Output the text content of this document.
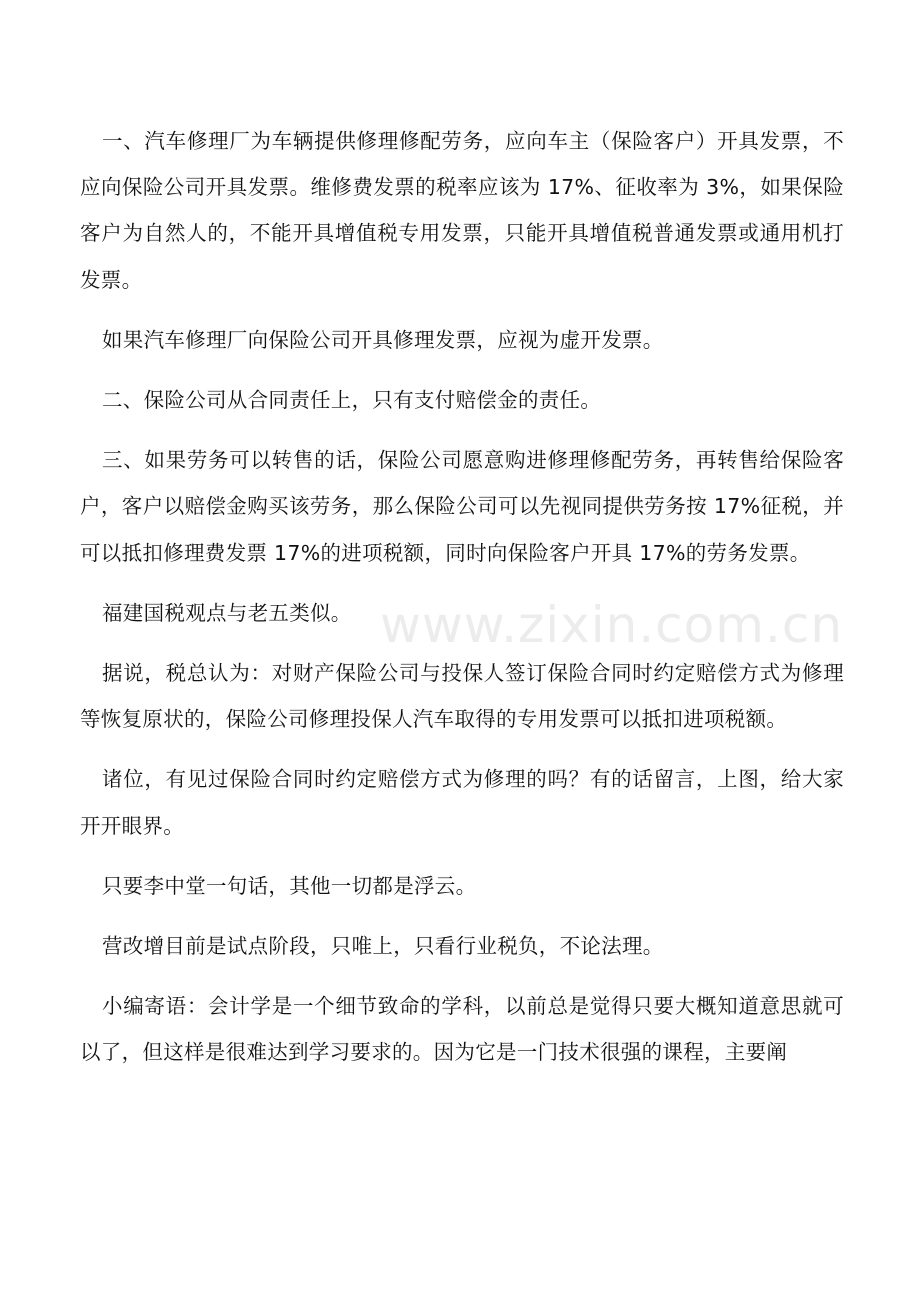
一、汽车修理厂为车辆提供修理修配劳务，应向车主（保险客户）开具发票，不应向保险公司开具发票。维修费发票的税率应该为 17%、征收率为 3%，如果保险客户为自然人的，不能开具增值税专用发票，只能开具增值税普通发票或通用机打发票。

如果汽车修理厂向保险公司开具修理发票，应视为虚开发票。

二、保险公司从合同责任上，只有支付赔偿金的责任。

三、如果劳务可以转售的话，保险公司愿意购进修理修配劳务，再转售给保险客户，客户以赔偿金购买该劳务，那么保险公司可以先视同提供劳务按 17%征税，并可以抵扣修理费发票 17%的进项税额，同时向保险客户开具 17%的劳务发票。

福建国税观点与老五类似。

据说，税总认为：对财产保险公司与投保人签订保险合同时约定赔偿方式为修理等恢复原状的，保险公司修理投保人汽车取得的专用发票可以抵扣进项税额。

诸位，有见过保险合同时约定赔偿方式为修理的吗？有的话留言，上图，给大家开开眼界。

只要李中堂一句话，其他一切都是浮云。

营改增目前是试点阶段，只唯上，只看行业税负，不论法理。

小编寄语：会计学是一个细节致命的学科，以前总是觉得只要大概知道意思就可以了，但这样是很难达到学习要求的。因为它是一门技术很强的课程，主要阐

www.zixin.com.cn
